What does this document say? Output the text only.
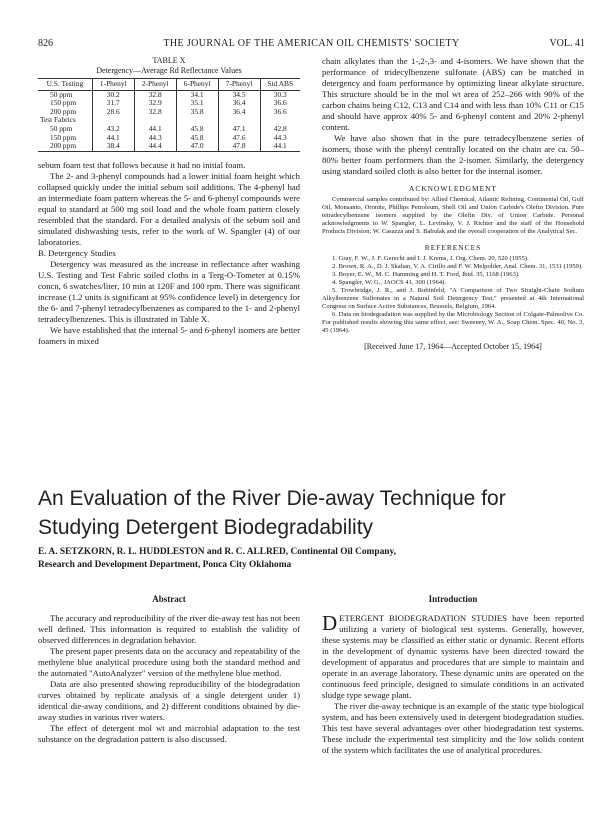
826	THE JOURNAL OF THE AMERICAN OIL CHEMISTS' SOCIETY	VOL. 41
TABLE X
Detergency—Average Rd Reflectance Values
U.S. Testing	1-Phenyl	2-Phenyl	6-Phenyl	7-Phenyl	Std ABS
50 ppm	30.2	32.8	34.1	34.5	30.3
150 ppm	31.7	32.9	35.1	36.4	36.6
200 ppm	28.6	32.8	35.8	36.4	36.6
Test Fabrics					
50 ppm	43.2	44.1	45.8	47.1	42.8
150 ppm	44.1	44.3	45.8	47.6	44.3
200 ppm	38.4	44.4	47.0	47.8	44.1

sebum foam test that follows because it had no initial foam.

The 2- and 3-phenyl compounds had a lower initial foam height which collapsed quickly under the initial sebum soil additions. The 4-phenyl had an intermediate foam pattern whereas the 5- and 6-phenyl compounds were equal to standard at 500 mg soil load and the whole foam pattern closely resembled that the standard. For a detailed analysis of the sebum soil and simulated dishwashing tests, refer to the work of W. Spangler (4) of our laboratories.

B. Detergency Studies

Detergency was measured as the increase in reflectance after washing U.S. Testing and Test Fabric soiled cloths in a Terg-O-Tometer at 0.15% concn, 6 swatches/liter, 10 min at 120F and 100 rpm. There was significant increase (1.2 units is significant at 95% confidence level) in detergency for the 6- and 7-phenyl tetradecylbenzenes as compared to the 1- and 2-phenyl tetradecylbenzenes. This is illustrated in Table X.

We have established that the internal 5- and 6-phenyl isomers are better foamers in mixed

chain alkylates than the 1-,2-,3- and 4-isomers. We have shown that the performance of tridecylbenzene sulfonate (ABS) can be matched in detergency and foam performance by optimizing linear alkylate structure. This structure should be in the mol wt area of 252–266 with 90% of the carbon chains being C12, C13 and C14 and with less than 10% C11 or C15 and should have approx 40% 5- and 6-phenyl content and 20% 2-phenyl content.

We have also shown that in the pure tetradecylbenzene series of isomers, those with the phenyl centrally located on the chain are ca. 50–80% better foam performers than the 2-isomer. Similarly, the detergency using standard soiled cloth is also better for the internal isomer.

ACKNOWLEDGMENT

Commercial samples contributed by: Allied Chemical, Atlantic Refining, Continental Oil, Gulf Oil, Monsanto, Oronite, Phillips Petroleum, Shell Oil and Union Carbide's Olefin Division. Pure tetradecylbenzene isomers supplied by the Olefin Div. of Union Carbide. Personal acknowledgments to W. Spangler, L. Levinsky, V. J. Richter and the staff of the Household Products Division; W. Casazza and S. Babulak and the overall cooperation of the Analytical Sec.

REFERENCES

1. Gray, F. W., J. F. Gerecht and I. J. Krems, J. Org. Chem. 20, 520 (1955).

2. Brown, R. A., D. J. Skahan, V. A. Cirillo and F. W. Melpolder, Anal. Chem. 31, 1531 (1959).

3. Boyer, E. W., M. C. Hamming and H. T. Ford, Ibid. 35, 1168 (1963).

4. Spangler, W. G., JAOCS 41, 300 (1964).

5. Trowbridge, J. R., and J. Rubinfeld, "A Comparison of Two Straight-Chain Sodium Alkylbenzene Sulfonates in a Natural Soil Detergency Test," presented at 4th International Congress on Surface Active Substances, Brussels, Belgium, 1964.

6. Data on biodegradation was supplied by the Microbiology Section of Colgate-Palmolive Co. For published results showing this same effect, see: Sweeney, W. A., Soap Chem. Spec. 40, No. 3, 45 (1964).

[Received June 17, 1964—Accepted October 15, 1964]
An Evaluation of the River Die-away Technique for
Studying Detergent Biodegradability
E. A. SETZKORN, R. L. HUDDLESTON and R. C. ALLRED, Continental Oil Company,
Research and Development Department, Ponca City Oklahoma
Abstract

The accuracy and reproducibility of the river die-away test has not been well defined. This information is required to establish the validity of observed differences in degradation behavior.

The present paper presents data on the accuracy and repeatability of the methylene blue analytical procedure using both the standard method and the automated "AutoAnalyzer" version of the methylene blue method.

Data are also presented showing reproducibility of the biodegradation curves obtained by replicate analysis of a single detergent under 1) identical die-away conditions, and 2) different conditions obtained by die-away studies in various river waters.

The effect of detergent mol wt and microbial adaptation to the test substance on the degradation pattern is also discussed.

Introduction

DETERGENT BIODEGRADATION STUDIES have been reported utilizing a variety of biological test systems. Generally, however, these systems may be classified as either static or dynamic. Recent efforts in the development of dynamic systems have been directed toward the development of apparatus and procedures that are simple to maintain and operate in an average laboratory. These dynamic units are operated on the continuous feed principle, designed to simulate conditions in an activated sludge type sewage plant.

The river die-away technique is an example of the static type biological system, and has been extensively used in detergent biodegradation studies. This test have several advantages over other biodegradation test systems. These include the experimental test simplicity and the low solids content of the system which facilitates the use of analytical procedures.
